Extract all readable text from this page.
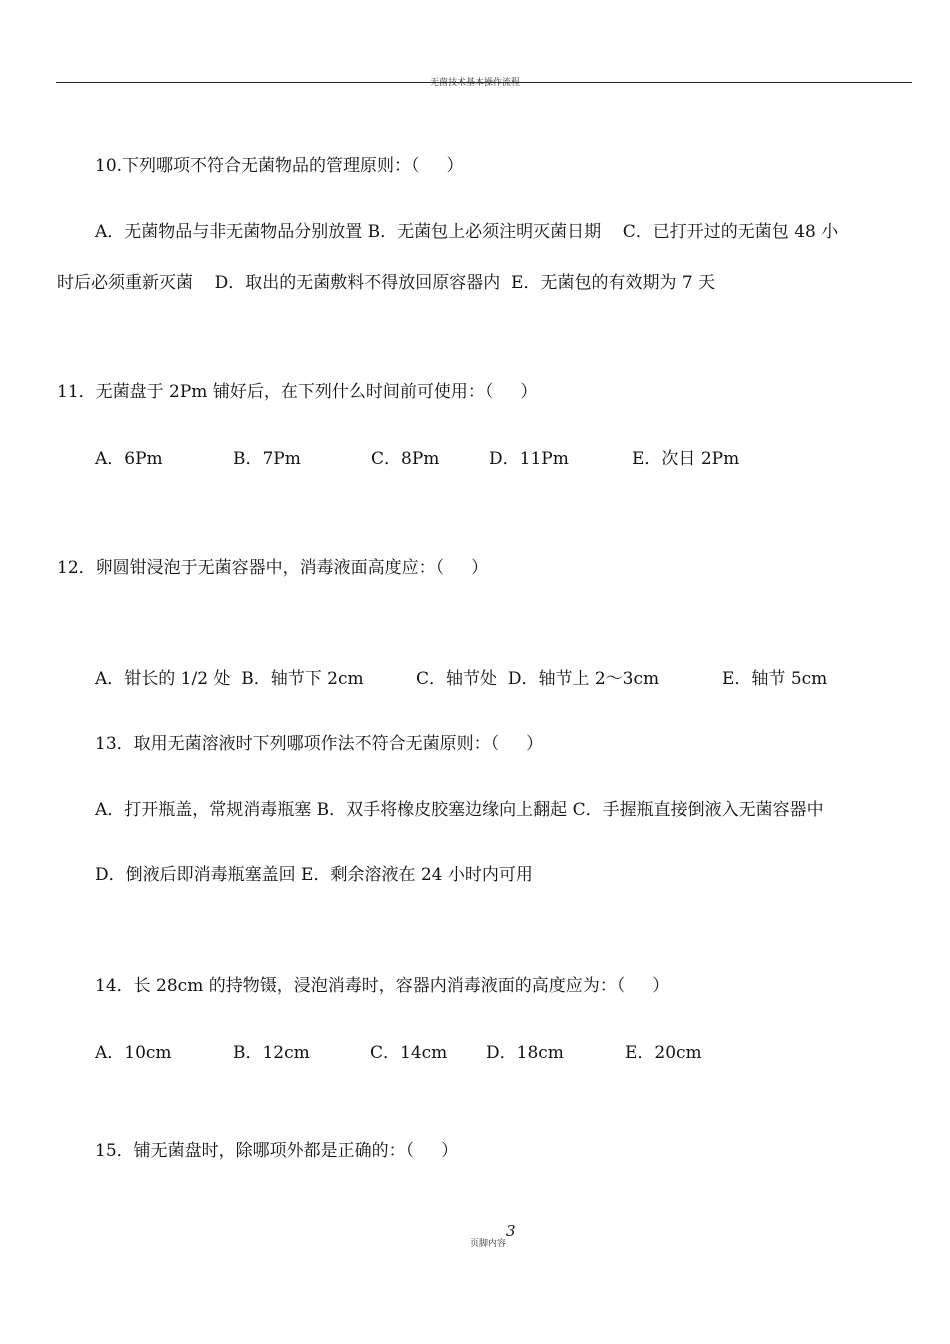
无菌技术基本操作流程
10.下列哪项不符合无菌物品的管理原则：（     ）
A．无菌物品与非无菌物品分别放置 B．无菌包上必须注明灭菌日期    C．已打开过的无菌包 48 小
时后必须重新灭菌    D．取出的无菌敷料不得放回原容器内  E．无菌包的有效期为 7 天
11．无菌盘于 2Pm 铺好后，在下列什么时间前可使用：（     ）
A．6Pm	B．7Pm	C．8Pm	D．11Pm	E．次日 2Pm
12．卵圆钳浸泡于无菌容器中，消毒液面高度应：（     ）
A．钳长的 1/2 处  B．轴节下 2cm	C．轴节处  D．轴节上 2～3cm	E．轴节 5cm
13．取用无菌溶液时下列哪项作法不符合无菌原则：（     ）
A．打开瓶盖，常规消毒瓶塞 B．双手将橡皮胶塞边缘向上翻起 C．手握瓶直接倒液入无菌容器中
D．倒液后即消毒瓶塞盖回 E．剩余溶液在 24 小时内可用
14．长 28cm 的持物镊，浸泡消毒时，容器内消毒液面的高度应为：（     ）
A．10cm	B．12cm	C．14cm D．18cm	E．20cm
15．铺无菌盘时，除哪项外都是正确的：（     ）
3
页脚内容
